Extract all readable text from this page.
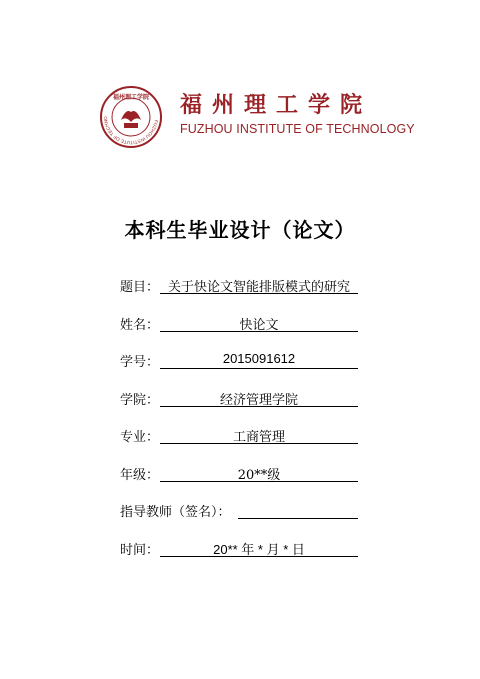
FUZHOU INSTITUTE OF TECHNO
福州理工学院 福州理工学院
FUZHOU INSTITUTE OF TECHNOLOGY
本科生毕业设计（论文）
题目： 关于快论文智能排版模式的研究
姓名：	快论文
学号：	2015091612
学院：	经济管理学院
专业：	工商管理
年级：	20**级
指导教师（签名）：
时间：	20** 年 * 月 * 日
